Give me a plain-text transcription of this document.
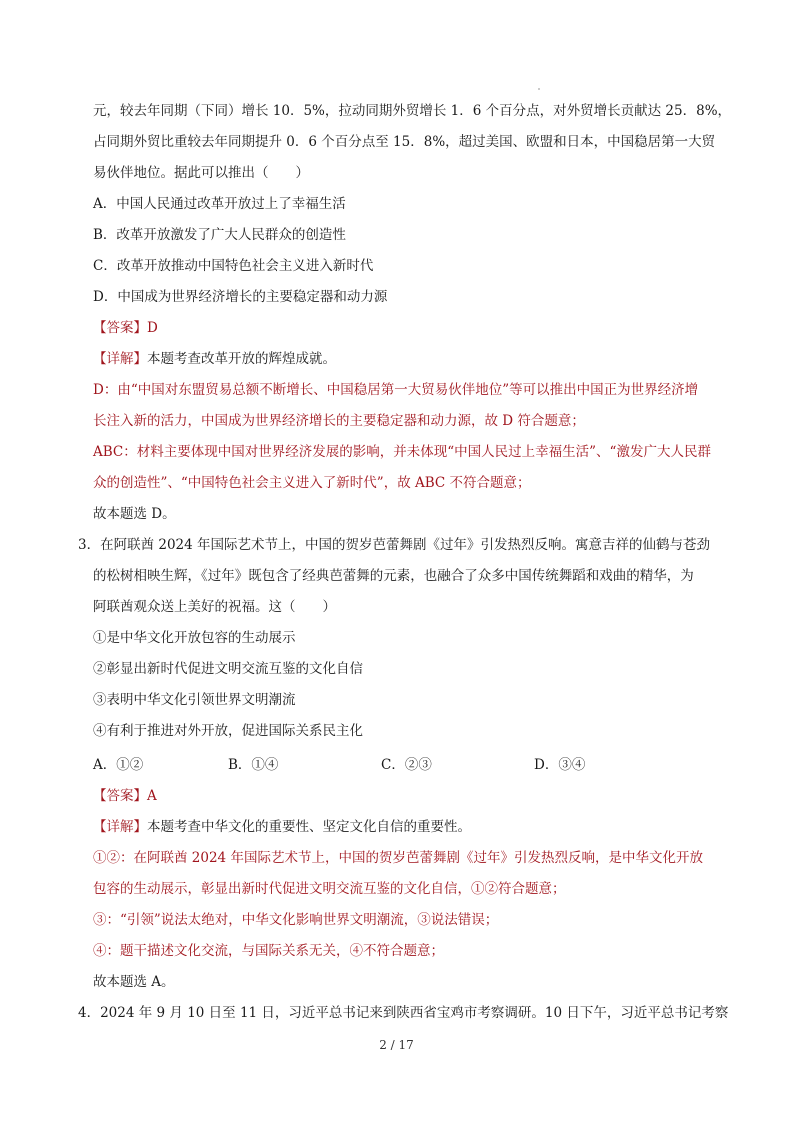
元，较去年同期（下同）增长 10．5%，拉动同期外贸增长 1．6 个百分点，对外贸增长贡献达 25．8%，
占同期外贸比重较去年同期提升 0．6 个百分点至 15．8%，超过美国、欧盟和日本，中国稳居第一大贸
易伙伴地位。据此可以推出（　　）
A．中国人民通过改革开放过上了幸福生活
B．改革开放激发了广大人民群众的创造性
C．改革开放推动中国特色社会主义进入新时代
D．中国成为世界经济增长的主要稳定器和动力源
【答案】D
【详解】本题考查改革开放的辉煌成就。
D：由“中国对东盟贸易总额不断增长、中国稳居第一大贸易伙伴地位”等可以推出中国正为世界经济增
长注入新的活力，中国成为世界经济增长的主要稳定器和动力源，故 D 符合题意；
ABC：材料主要体现中国对世界经济发展的影响，并未体现“中国人民过上幸福生活”、“激发广大人民群
众的创造性”、“中国特色社会主义进入了新时代”，故 ABC 不符合题意；
故本题选 D。
3．在阿联酋 2024 年国际艺术节上，中国的贺岁芭蕾舞剧《过年》引发热烈反响。寓意吉祥的仙鹤与苍劲
的松树相映生辉，《过年》既包含了经典芭蕾舞的元素，也融合了众多中国传统舞蹈和戏曲的精华，为
阿联酋观众送上美好的祝福。这（　　）
①是中华文化开放包容的生动展示
②彰显出新时代促进文明交流互鉴的文化自信
③表明中华文化引领世界文明潮流
④有利于推进对外开放，促进国际关系民主化
A．①②	B．①④	C．②③	D．③④
【答案】A
【详解】本题考查中华文化的重要性、坚定文化自信的重要性。
①②：在阿联酋 2024 年国际艺术节上，中国的贺岁芭蕾舞剧《过年》引发热烈反响，是中华文化开放
包容的生动展示，彰显出新时代促进文明交流互鉴的文化自信，①②符合题意；
③：“引领”说法太绝对，中华文化影响世界文明潮流，③说法错误；
④：题干描述文化交流，与国际关系无关，④不符合题意；
故本题选 A。
4．2024 年 9 月 10 日至 11 日，习近平总书记来到陕西省宝鸡市考察调研。10 日下午，习近平总书记考察
2 / 17
